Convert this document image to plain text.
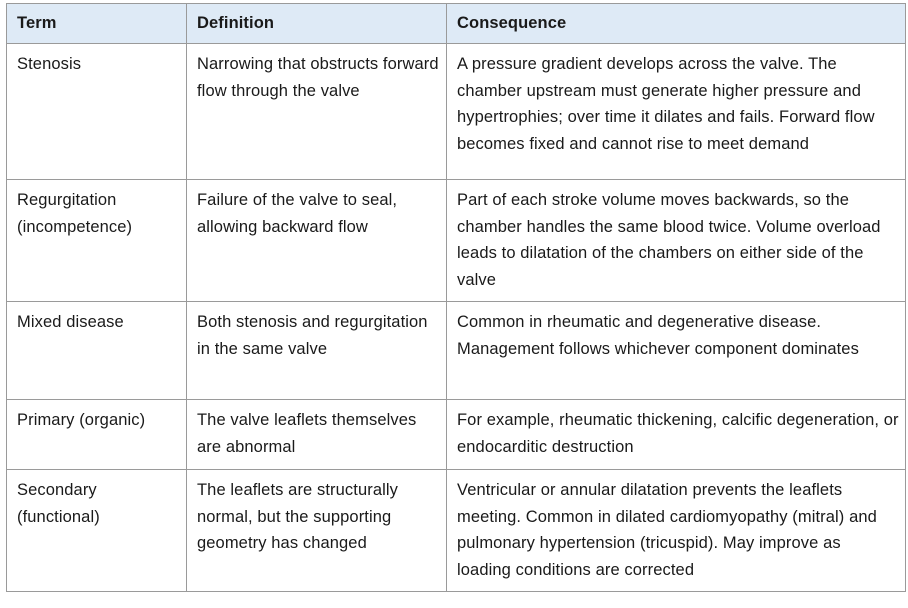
Term	Definition	Consequence
Stenosis	Narrowing that obstructs forward flow through the valve	A pressure gradient develops across the valve. The chamber upstream must generate higher pressure and hypertrophies; over time it dilates and fails. Forward flow becomes fixed and cannot rise to meet demand
Regurgitation (incompetence)	Failure of the valve to seal, allowing backward flow	Part of each stroke volume moves backwards, so the chamber handles the same blood twice. Volume overload leads to dilatation of the chambers on either side of the valve
Mixed disease	Both stenosis and regurgitation in the same valve	Common in rheumatic and degenerative disease. Management follows whichever component dominates
Primary (organic)	The valve leaflets themselves are abnormal	For example, rheumatic thickening, calcific degeneration, or endocarditic destruction
Secondary (functional)	The leaflets are structurally normal, but the supporting geometry has changed	Ventricular or annular dilatation prevents the leaflets meeting. Common in dilated cardiomyopathy (mitral) and pulmonary hypertension (tricuspid). May improve as loading conditions are corrected
